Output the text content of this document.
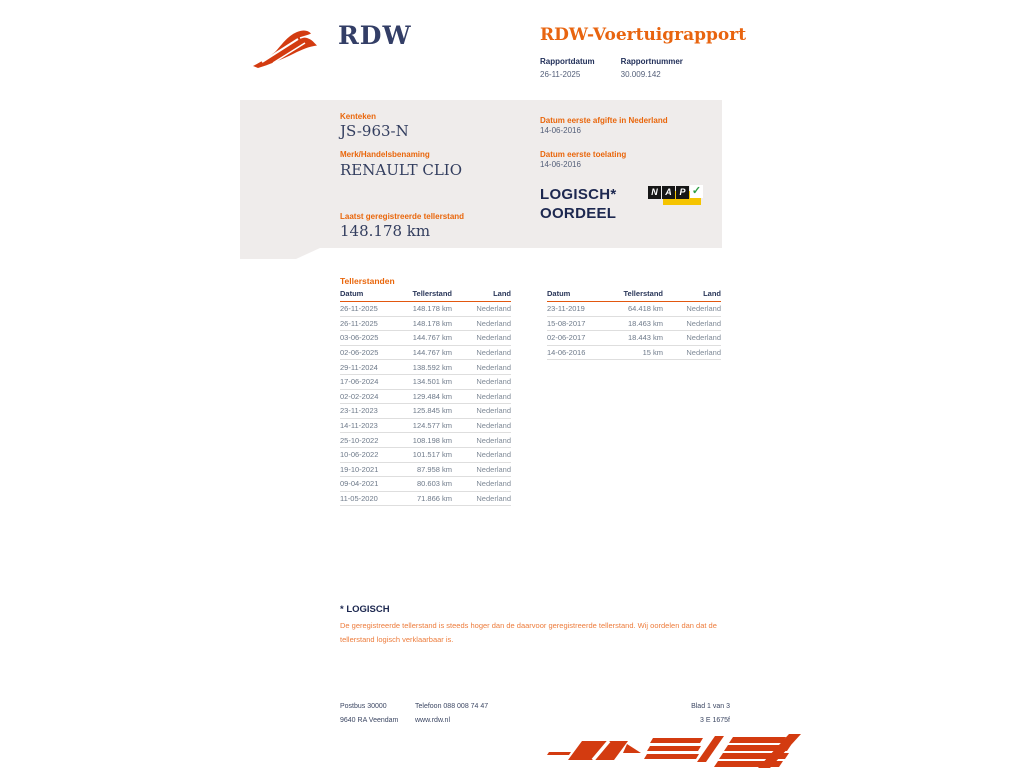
RDW	RDW-Voertuigrapport
Rapportdatum
26-11-2025
Rapportnummer
30.009.142
Kenteken
JS-963-N
Merk/Handelsbenaming
RENAULT CLIO
Laatst geregistreerde tellerstand
148.178 km
Datum eerste afgifte in Nederland
14-06-2016
Datum eerste toelating
14-06-2016
LOGISCH*
OORDEEL
N A P ✓
Tellerstanden
Datum	Tellerstand	Land
26-11-2025	148.178 km	Nederland
26-11-2025	148.178 km	Nederland
03-06-2025	144.767 km	Nederland
02-06-2025	144.767 km	Nederland
29-11-2024	138.592 km	Nederland
17-06-2024	134.501 km	Nederland
02-02-2024	129.484 km	Nederland
23-11-2023	125.845 km	Nederland
14-11-2023	124.577 km	Nederland
25-10-2022	108.198 km	Nederland
10-06-2022	101.517 km	Nederland
19-10-2021	87.958 km	Nederland
09-04-2021	80.603 km	Nederland
11-05-2020	71.866 km	Nederland
Datum	Tellerstand	Land
23-11-2019	64.418 km	Nederland
15-08-2017	18.463 km	Nederland
02-06-2017	18.443 km	Nederland
14-06-2016	15 km	Nederland
* LOGISCH
De geregistreerde tellerstand is steeds hoger dan de daarvoor geregistreerde tellerstand. Wij oordelen dan dat de tellerstand logisch verklaarbaar is.
Postbus 30000
9640 RA Veendam
Telefoon 088 008 74 47
www.rdw.nl
Blad 1 van 3
3 E 1675f
